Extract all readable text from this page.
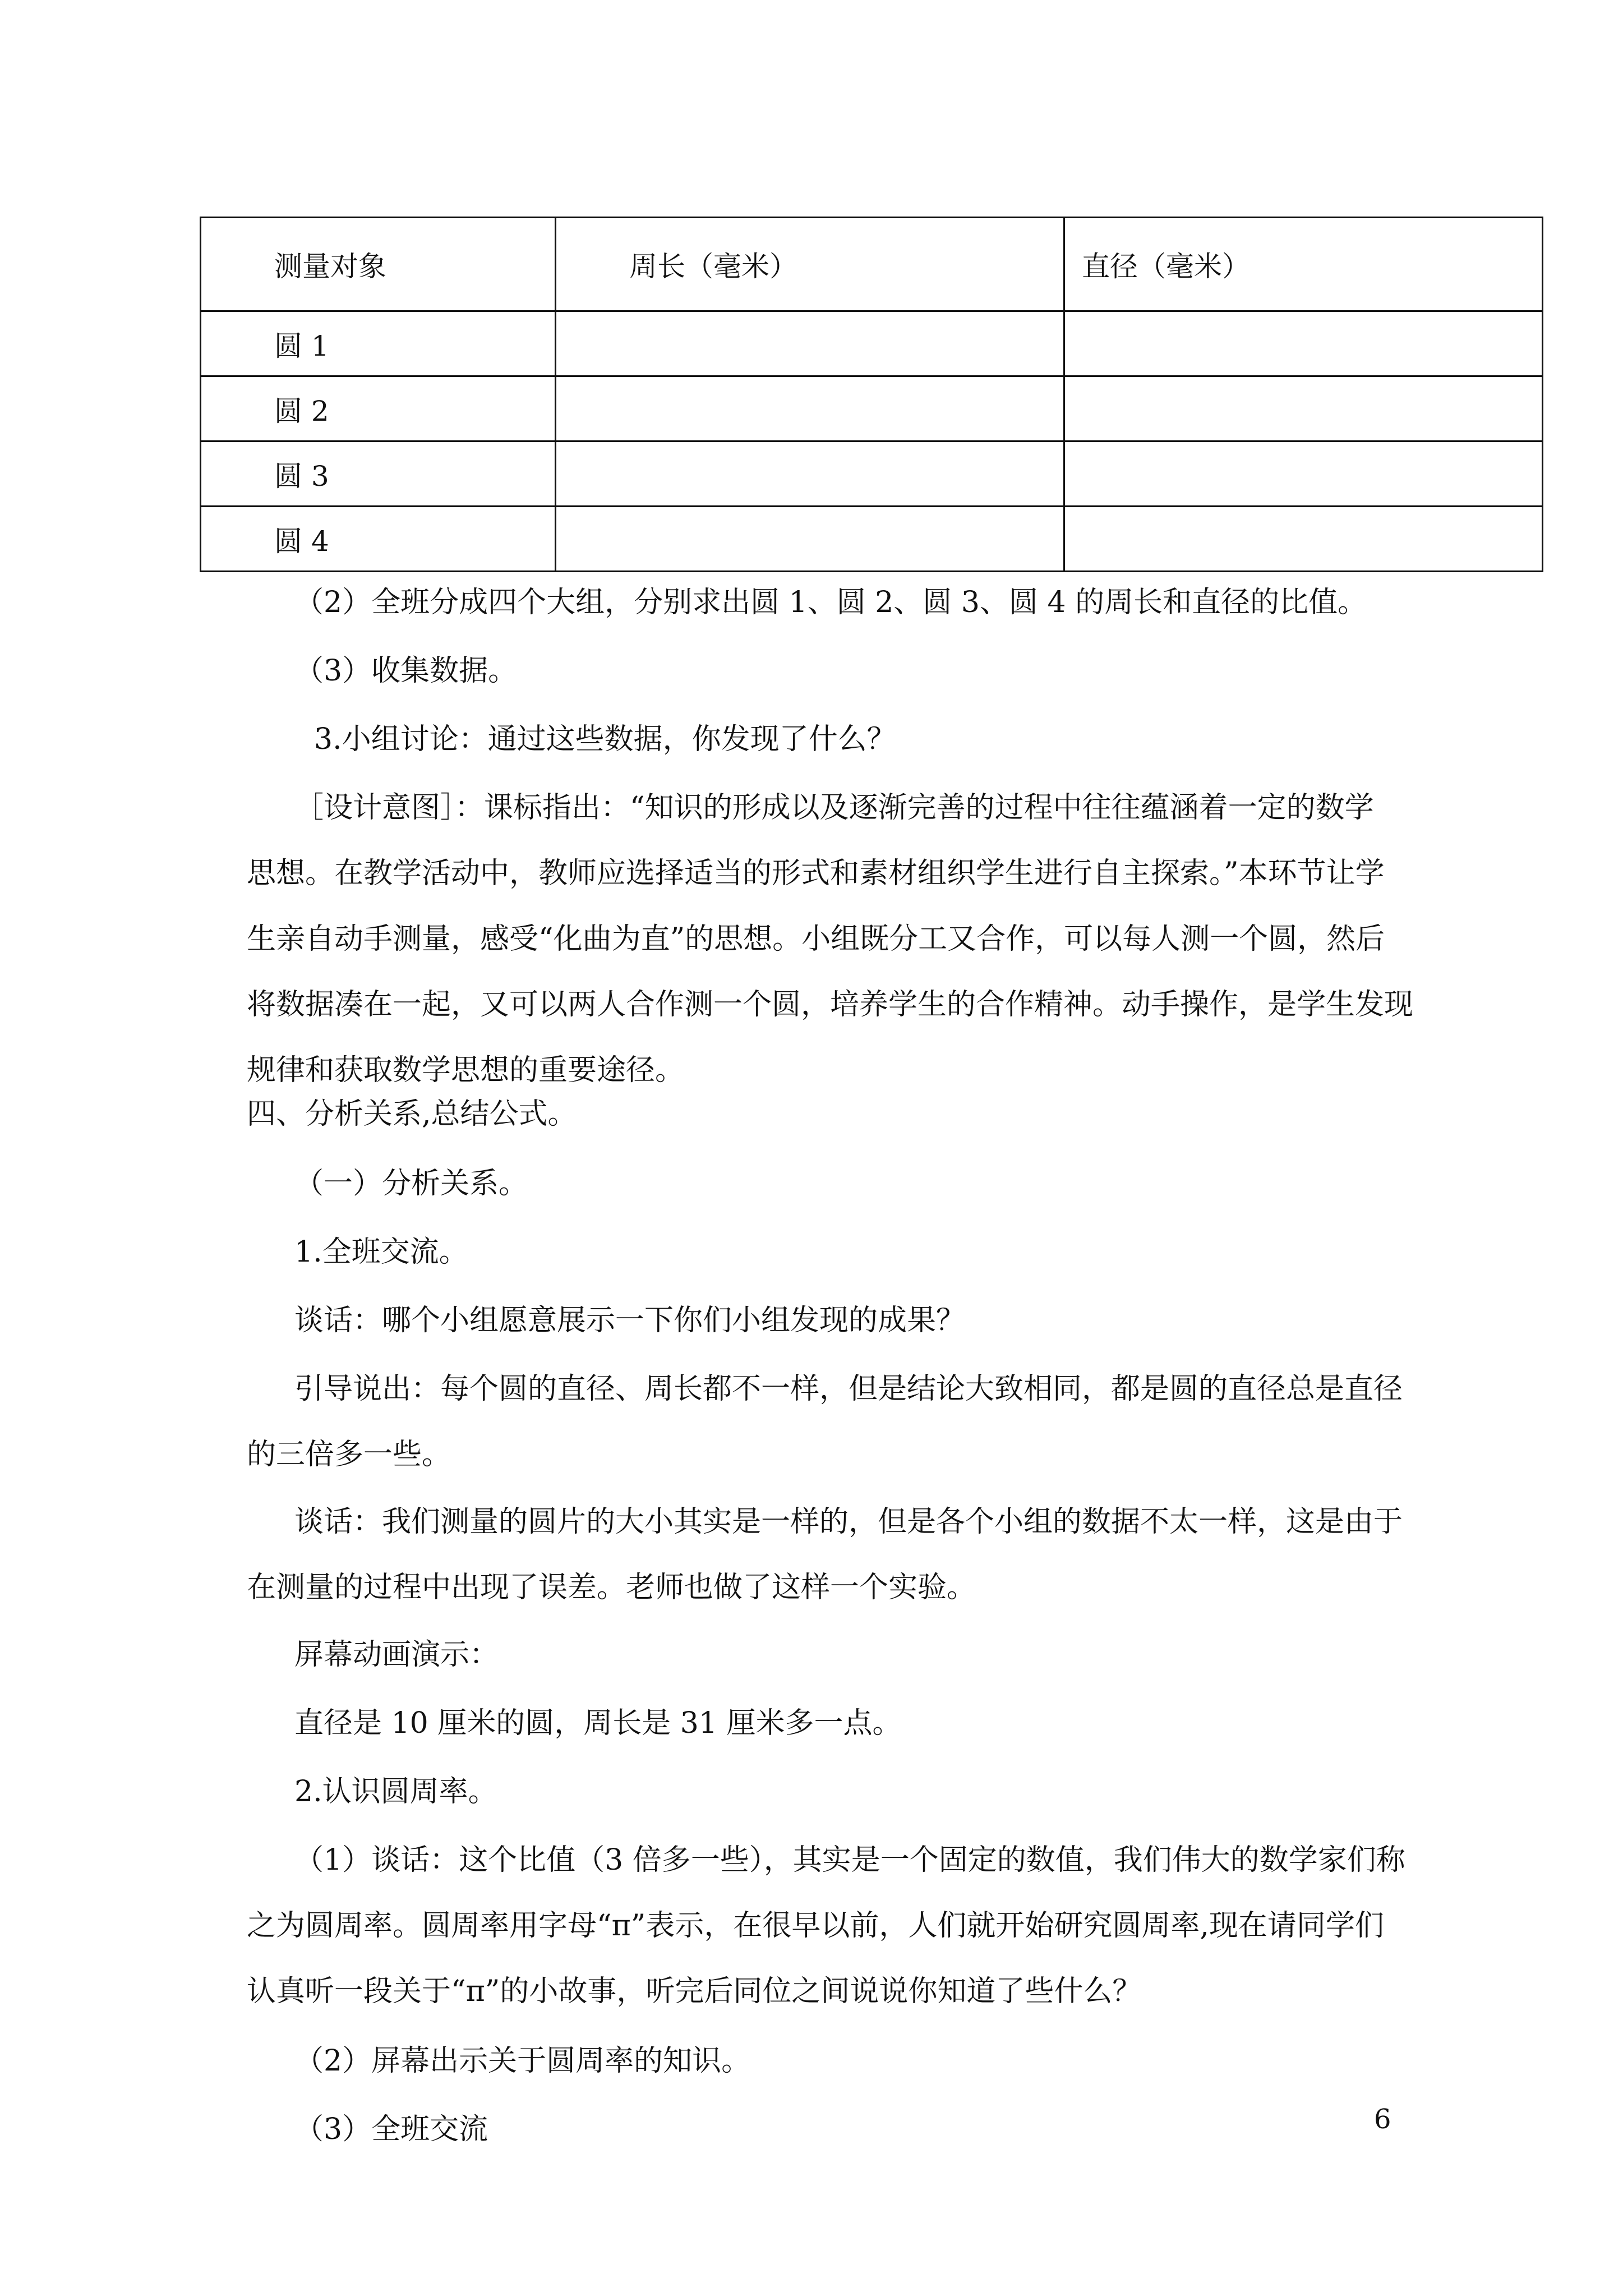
测量对象	周长（毫米）	直径（毫米）
圆 1		
圆 2		
圆 3		
圆 4		
（2）全班分成四个大组，分别求出圆 1、圆 2、圆 3、圆 4 的周长和直径的比值。
（3）收集数据。
3.小组讨论：通过这些数据，你发现了什么？
［设计意图］：课标指出：“知识的形成以及逐渐完善的过程中往往蕴涵着一定的数学
思想。在教学活动中，教师应选择适当的形式和素材组织学生进行自主探索。”本环节让学
生亲自动手测量，感受“化曲为直”的思想。小组既分工又合作，可以每人测一个圆，然后
将数据凑在一起，又可以两人合作测一个圆，培养学生的合作精神。动手操作，是学生发现
规律和获取数学思想的重要途径。
四、分析关系,总结公式。
（一）分析关系。
1.全班交流。
谈话：哪个小组愿意展示一下你们小组发现的成果？
引导说出：每个圆的直径、周长都不一样，但是结论大致相同，都是圆的直径总是直径
的三倍多一些。
谈话：我们测量的圆片的大小其实是一样的，但是各个小组的数据不太一样，这是由于
在测量的过程中出现了误差。老师也做了这样一个实验。
屏幕动画演示：
直径是 10 厘米的圆，周长是 31 厘米多一点。
2.认识圆周率。
（1）谈话：这个比值（3 倍多一些），其实是一个固定的数值，我们伟大的数学家们称
之为圆周率。圆周率用字母“π”表示，在很早以前，人们就开始研究圆周率,现在请同学们
认真听一段关于“π”的小故事，听完后同位之间说说你知道了些什么？
（2）屏幕出示关于圆周率的知识。
（3）全班交流	6
